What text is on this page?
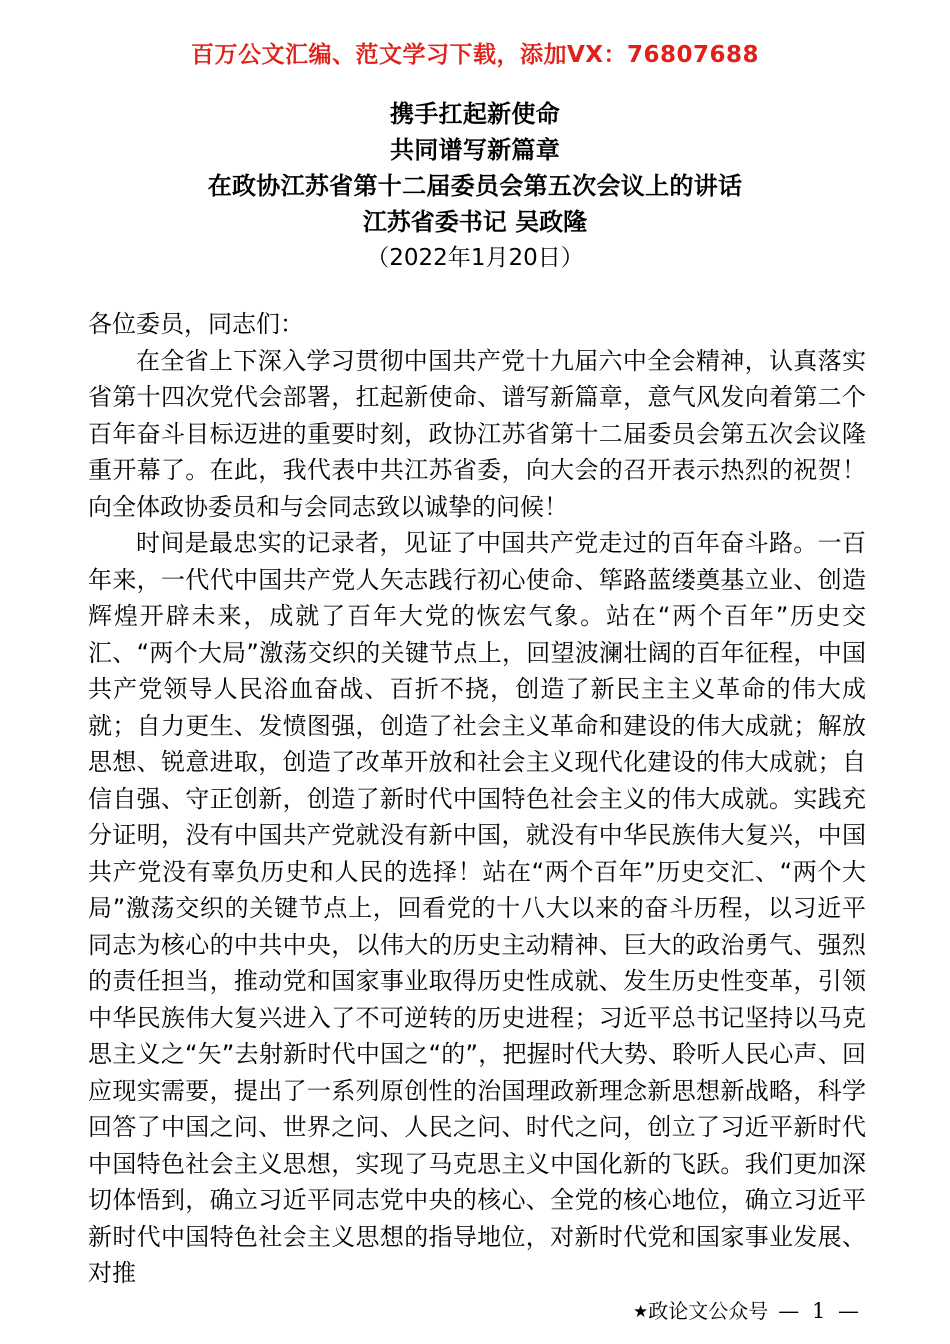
百万公文汇编、范文学习下载，添加VX：76807688
携手扛起新使命
共同谱写新篇章
在政协江苏省第十二届委员会第五次会议上的讲话
江苏省委书记 吴政隆
（2022年1月20日）

各位委员，同志们：

在全省上下深入学习贯彻中国共产党十九届六中全会精神，认真落实省第十四次党代会部署，扛起新使命、谱写新篇章，意气风发向着第二个百年奋斗目标迈进的重要时刻，政协江苏省第十二届委员会第五次会议隆重开幕了。在此，我代表中共江苏省委，向大会的召开表示热烈的祝贺！向全体政协委员和与会同志致以诚挚的问候！

时间是最忠实的记录者，见证了中国共产党走过的百年奋斗路。一百年来，一代代中国共产党人矢志践行初心使命、筚路蓝缕奠基立业、创造辉煌开辟未来，成就了百年大党的恢宏气象。站在“两个百年”历史交汇、“两个大局”激荡交织的关键节点上，回望波澜壮阔的百年征程，中国共产党领导人民浴血奋战、百折不挠，创造了新民主主义革命的伟大成就；自力更生、发愤图强，创造了社会主义革命和建设的伟大成就；解放思想、锐意进取，创造了改革开放和社会主义现代化建设的伟大成就；自信自强、守正创新，创造了新时代中国特色社会主义的伟大成就。实践充分证明，没有中国共产党就没有新中国，就没有中华民族伟大复兴，中国共产党没有辜负历史和人民的选择！站在“两个百年”历史交汇、“两个大局”激荡交织的关键节点上，回看党的十八大以来的奋斗历程，以习近平同志为核心的中共中央，以伟大的历史主动精神、巨大的政治勇气、强烈的责任担当，推动党和国家事业取得历史性成就、发生历史性变革，引领中华民族伟大复兴进入了不可逆转的历史进程；习近平总书记坚持以马克思主义之“矢”去射新时代中国之“的”，把握时代大势、聆听人民心声、回应现实需要，提出了一系列原创性的治国理政新理念新思想新战略，科学回答了中国之问、世界之问、人民之问、时代之问，创立了习近平新时代中国特色社会主义思想，实现了马克思主义中国化新的飞跃。我们更加深切体悟到，确立习近平同志党中央的核心、全党的核心地位，确立习近平新时代中国特色社会主义思想的指导地位，对新时代党和国家事业发展、对推

★政论文公众号 — 1 —
